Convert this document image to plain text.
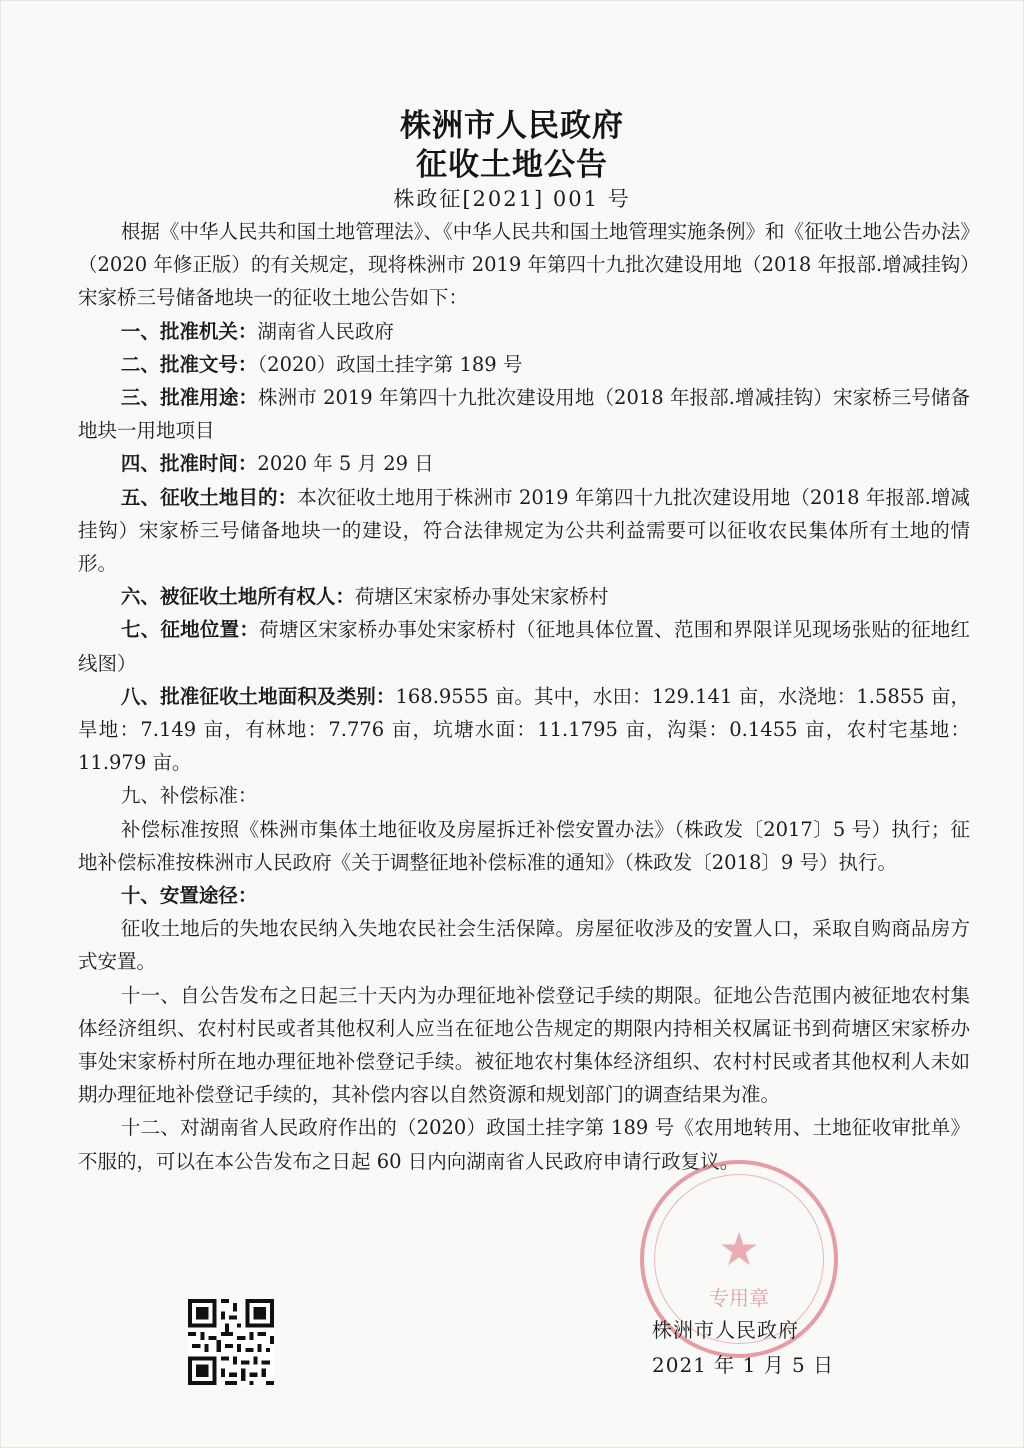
株洲市人民政府
征收土地公告
株政征[2021] 001 号

根据《中华人民共和国土地管理法》、《中华人民共和国土地管理实施条例》和《征收土地公告办法》（2020 年修正版）的有关规定，现将株洲市 2019 年第四十九批次建设用地（2018 年报部.增减挂钩）宋家桥三号储备地块一的征收土地公告如下：

一、批准机关：湖南省人民政府

二、批准文号：（2020）政国土挂字第 189 号

三、批准用途：株洲市 2019 年第四十九批次建设用地（2018 年报部.增减挂钩）宋家桥三号储备地块一用地项目

四、批准时间：2020 年 5 月 29 日

五、征收土地目的：本次征收土地用于株洲市 2019 年第四十九批次建设用地（2018 年报部.增减挂钩）宋家桥三号储备地块一的建设，符合法律规定为公共利益需要可以征收农民集体所有土地的情形。

六、被征收土地所有权人：荷塘区宋家桥办事处宋家桥村

七、征地位置：荷塘区宋家桥办事处宋家桥村（征地具体位置、范围和界限详见现场张贴的征地红线图）

八、批准征收土地面积及类别：168.9555 亩。其中，水田：129.141 亩，水浇地：1.5855 亩，旱地：7.149 亩，有林地：7.776 亩，坑塘水面：11.1795 亩，沟渠：0.1455 亩，农村宅基地：11.979 亩。

九、补偿标准：

补偿标准按照《株洲市集体土地征收及房屋拆迁补偿安置办法》（株政发〔2017〕5 号）执行；征地补偿标准按株洲市人民政府《关于调整征地补偿标准的通知》（株政发〔2018〕9 号）执行。

十、安置途径：

征收土地后的失地农民纳入失地农民社会生活保障。房屋征收涉及的安置人口，采取自购商品房方式安置。

十一、自公告发布之日起三十天内为办理征地补偿登记手续的期限。征地公告范围内被征地农村集体经济组织、农村村民或者其他权利人应当在征地公告规定的期限内持相关权属证书到荷塘区宋家桥办事处宋家桥村所在地办理征地补偿登记手续。被征地农村集体经济组织、农村村民或者其他权利人未如期办理征地补偿登记手续的，其补偿内容以自然资源和规划部门的调查结果为准。

十二、对湖南省人民政府作出的（2020）政国土挂字第 189 号《农用地转用、土地征收审批单》不服的，可以在本公告发布之日起 60 日内向湖南省人民政府申请行政复议。

★
专用章
株洲市人民政府
2021 年 1 月 5 日
